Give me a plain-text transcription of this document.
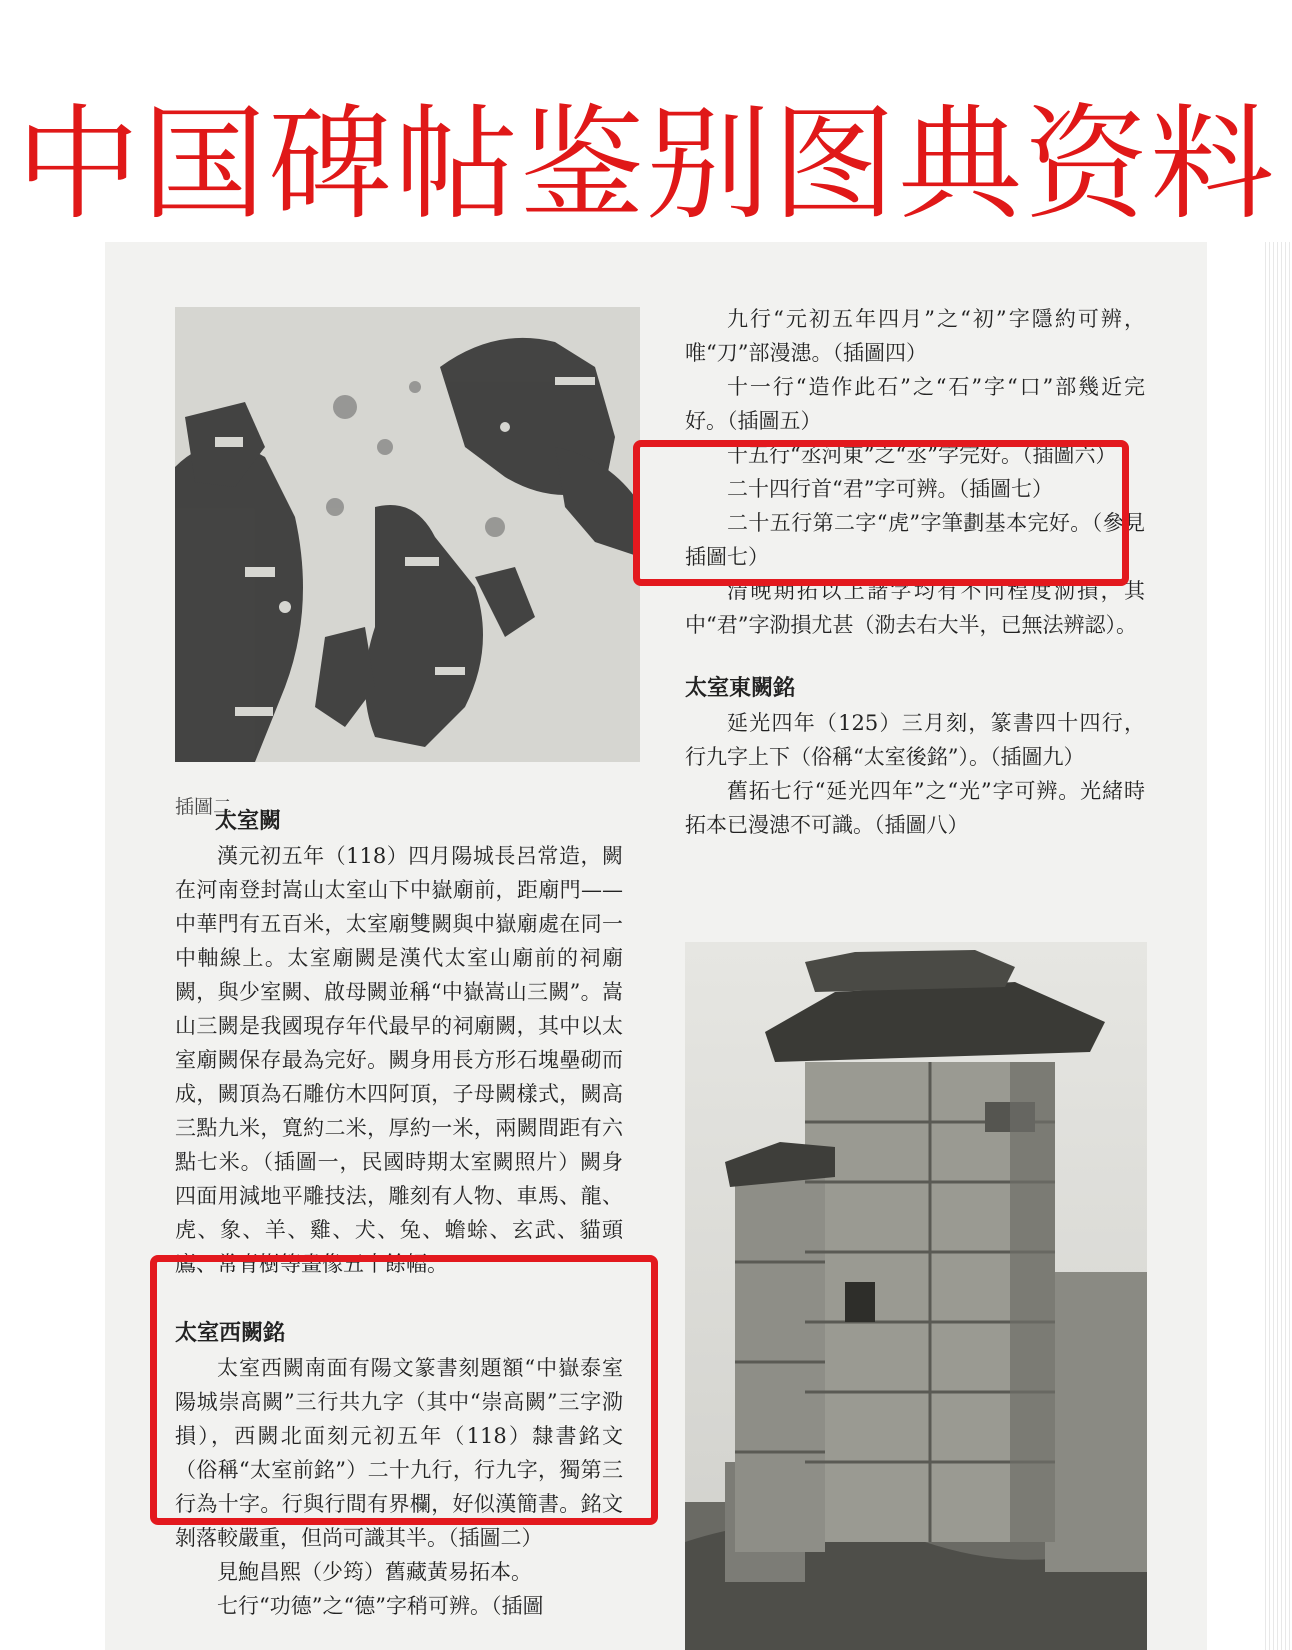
中国碑帖鉴别图典资料
插圖二
太室闕

漢元初五年（118）四月陽城長呂常造，闕在河南登封嵩山太室山下中嶽廟前，距廟門——中華門有五百米，太室廟雙闕與中嶽廟處在同一中軸線上。太室廟闕是漢代太室山廟前的祠廟闕，與少室闕、啟母闕並稱“中嶽嵩山三闕”。嵩山三闕是我國現存年代最早的祠廟闕，其中以太室廟闕保存最為完好。闕身用長方形石塊壘砌而成，闕頂為石雕仿木四阿頂，子母闕樣式，闕高三點九米，寬約二米，厚約一米，兩闕間距有六點七米。（插圖一，民國時期太室闕照片）闕身四面用減地平雕技法，雕刻有人物、車馬、龍、虎、象、羊、雞、犬、兔、蟾蜍、玄武、貓頭鷹、常青樹等畫像五十餘幅。

太室西闕銘

太室西闕南面有陽文篆書刻題額“中嶽泰室陽城崇高闕”三行共九字（其中“崇高闕”三字泐損），西闕北面刻元初五年（118）隸書銘文（俗稱“太室前銘”）二十九行，行九字，獨第三行為十字。行與行間有界欄，好似漢簡書。銘文剝落較嚴重，但尚可識其半。（插圖二）

見鮑昌熙（少筠）舊藏黃易拓本。

七行“功德”之“德”字稍可辨。（插圖

九行“元初五年四月”之“初”字隱約可辨，唯“刀”部漫漶。（插圖四）

十一行“造作此石”之“石”字“口”部幾近完好。（插圖五）

十五行“丞河東”之“丞”字完好。（插圖六）

二十四行首“君”字可辨。（插圖七）

二十五行第二字“虎”字筆劃基本完好。（參見插圖七）

清晚期拓以上諸字均有不同程度泐損，其中“君”字泐損尤甚（泐去右大半，已無法辨認）。

太室東闕銘

延光四年（125）三月刻，篆書四十四行，行九字上下（俗稱“太室後銘”）。（插圖九）

舊拓七行“延光四年”之“光”字可辨。光緒時拓本已漫漶不可識。（插圖八）
